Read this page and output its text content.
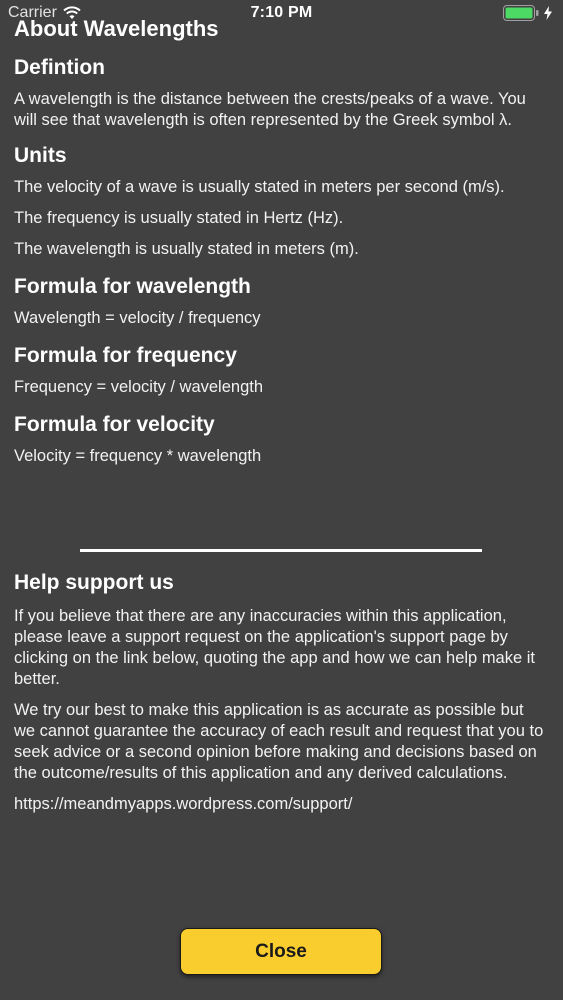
Carrier	7:10 PM
About Wavelengths
Defintion

A wavelength is the distance between the crests/peaks of a wave. You will see that wavelength is often represented by the Greek symbol λ.

Units

The velocity of a wave is usually stated in meters per second (m/s).

The frequency is usually stated in Hertz (Hz).

The wavelength is usually stated in meters (m).

Formula for wavelength

Wavelength = velocity / frequency

Formula for frequency

Frequency = velocity / wavelength

Formula for velocity

Velocity = frequency * wavelength

Help support us

If you believe that there are any inaccuracies within this application, please leave a support request on the application's support page by clicking on the link below, quoting the app and how we can help make it better.

We try our best to make this application is as accurate as possible but we cannot guarantee the accuracy of each result and request that you to seek advice or a second opinion before making and decisions based on the outcome/results of this application and any derived calculations.

https://meandmyapps.wordpress.com/support/

Close
